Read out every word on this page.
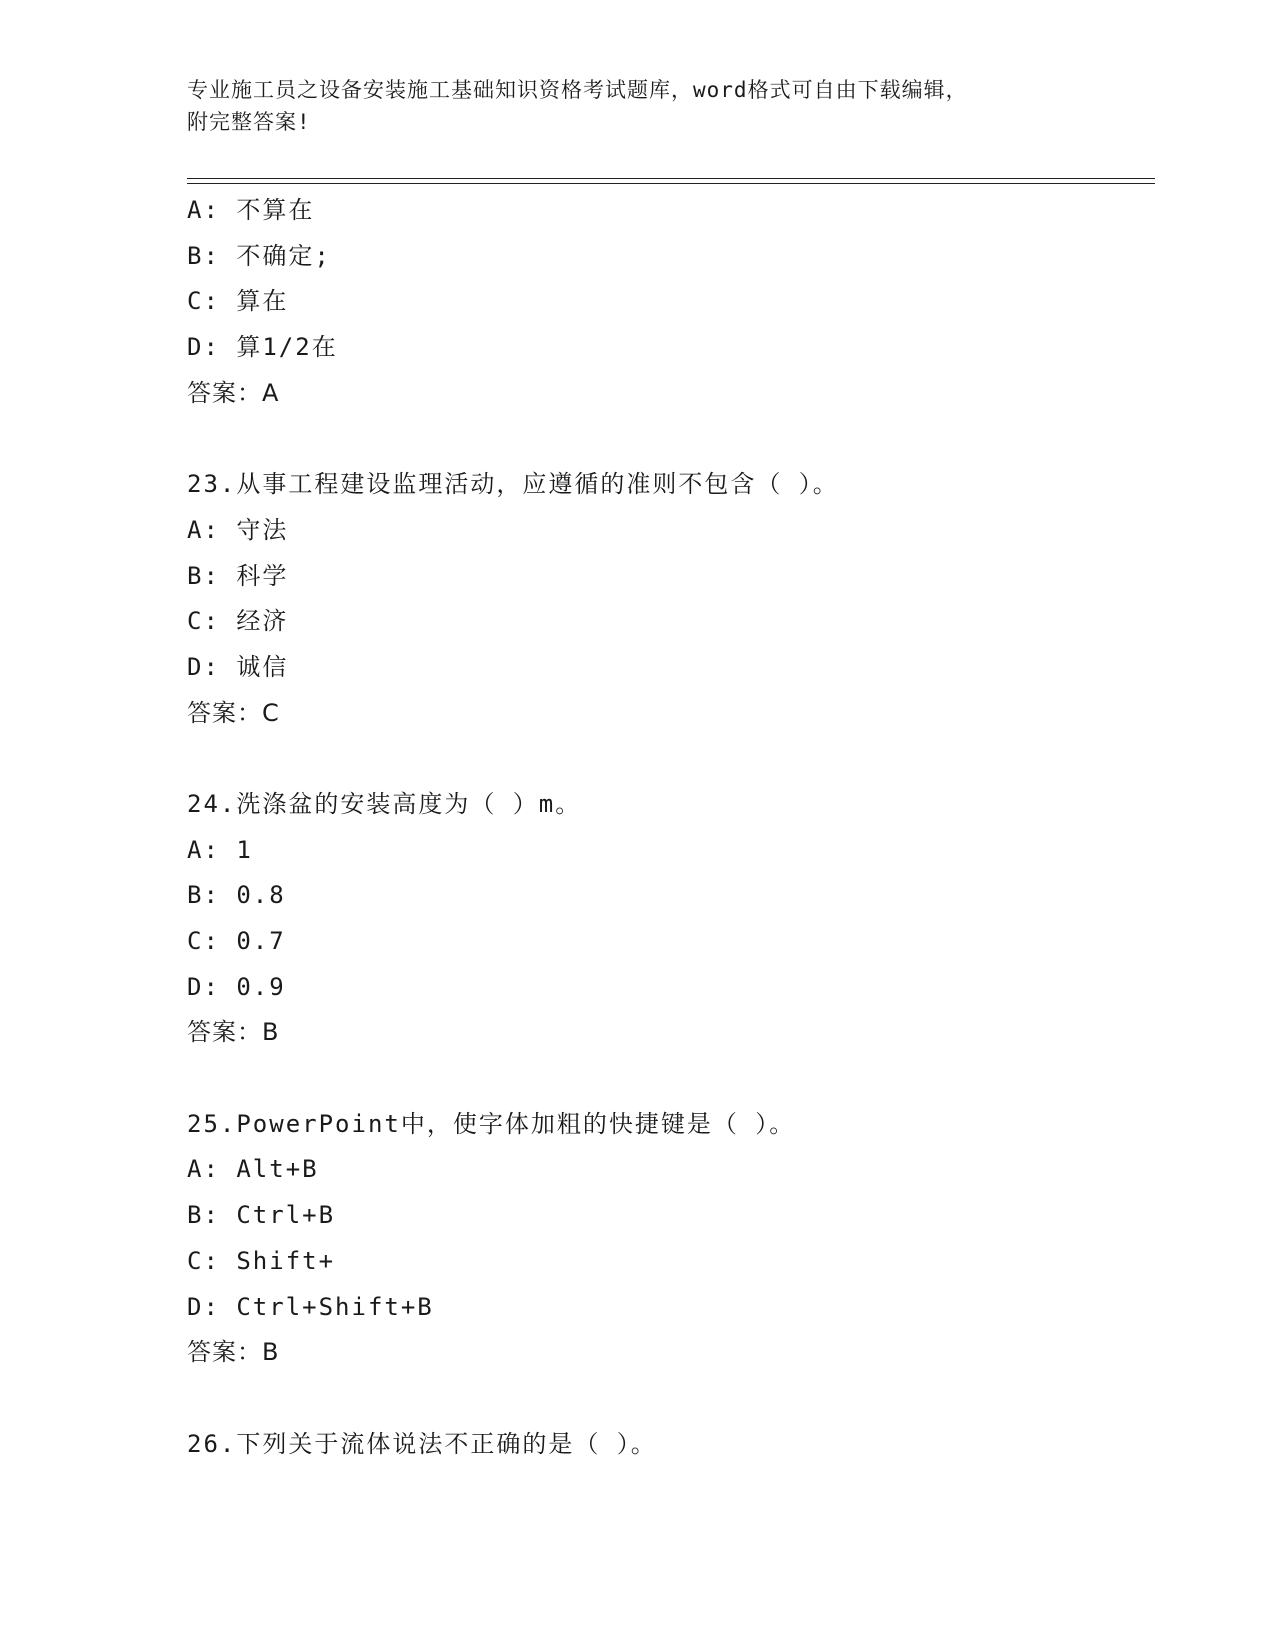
专业施工员之设备安装施工基础知识资格考试题库，word格式可自由下载编辑，
附完整答案!
A: 不算在
B: 不确定;
C: 算在
D: 算1/2在
答案：A
23.从事工程建设监理活动，应遵循的准则不包含（ ）。
A: 守法
B: 科学
C: 经济
D: 诚信
答案：C
24.洗涤盆的安装高度为（ ）m。
A: 1
B: 0.8
C: 0.7
D: 0.9
答案：B
25.PowerPoint中，使字体加粗的快捷键是（ ）。
A: Alt+B
B: Ctrl+B
C: Shift+
D: Ctrl+Shift+B
答案：B
26.下列关于流体说法不正确的是（ ）。
